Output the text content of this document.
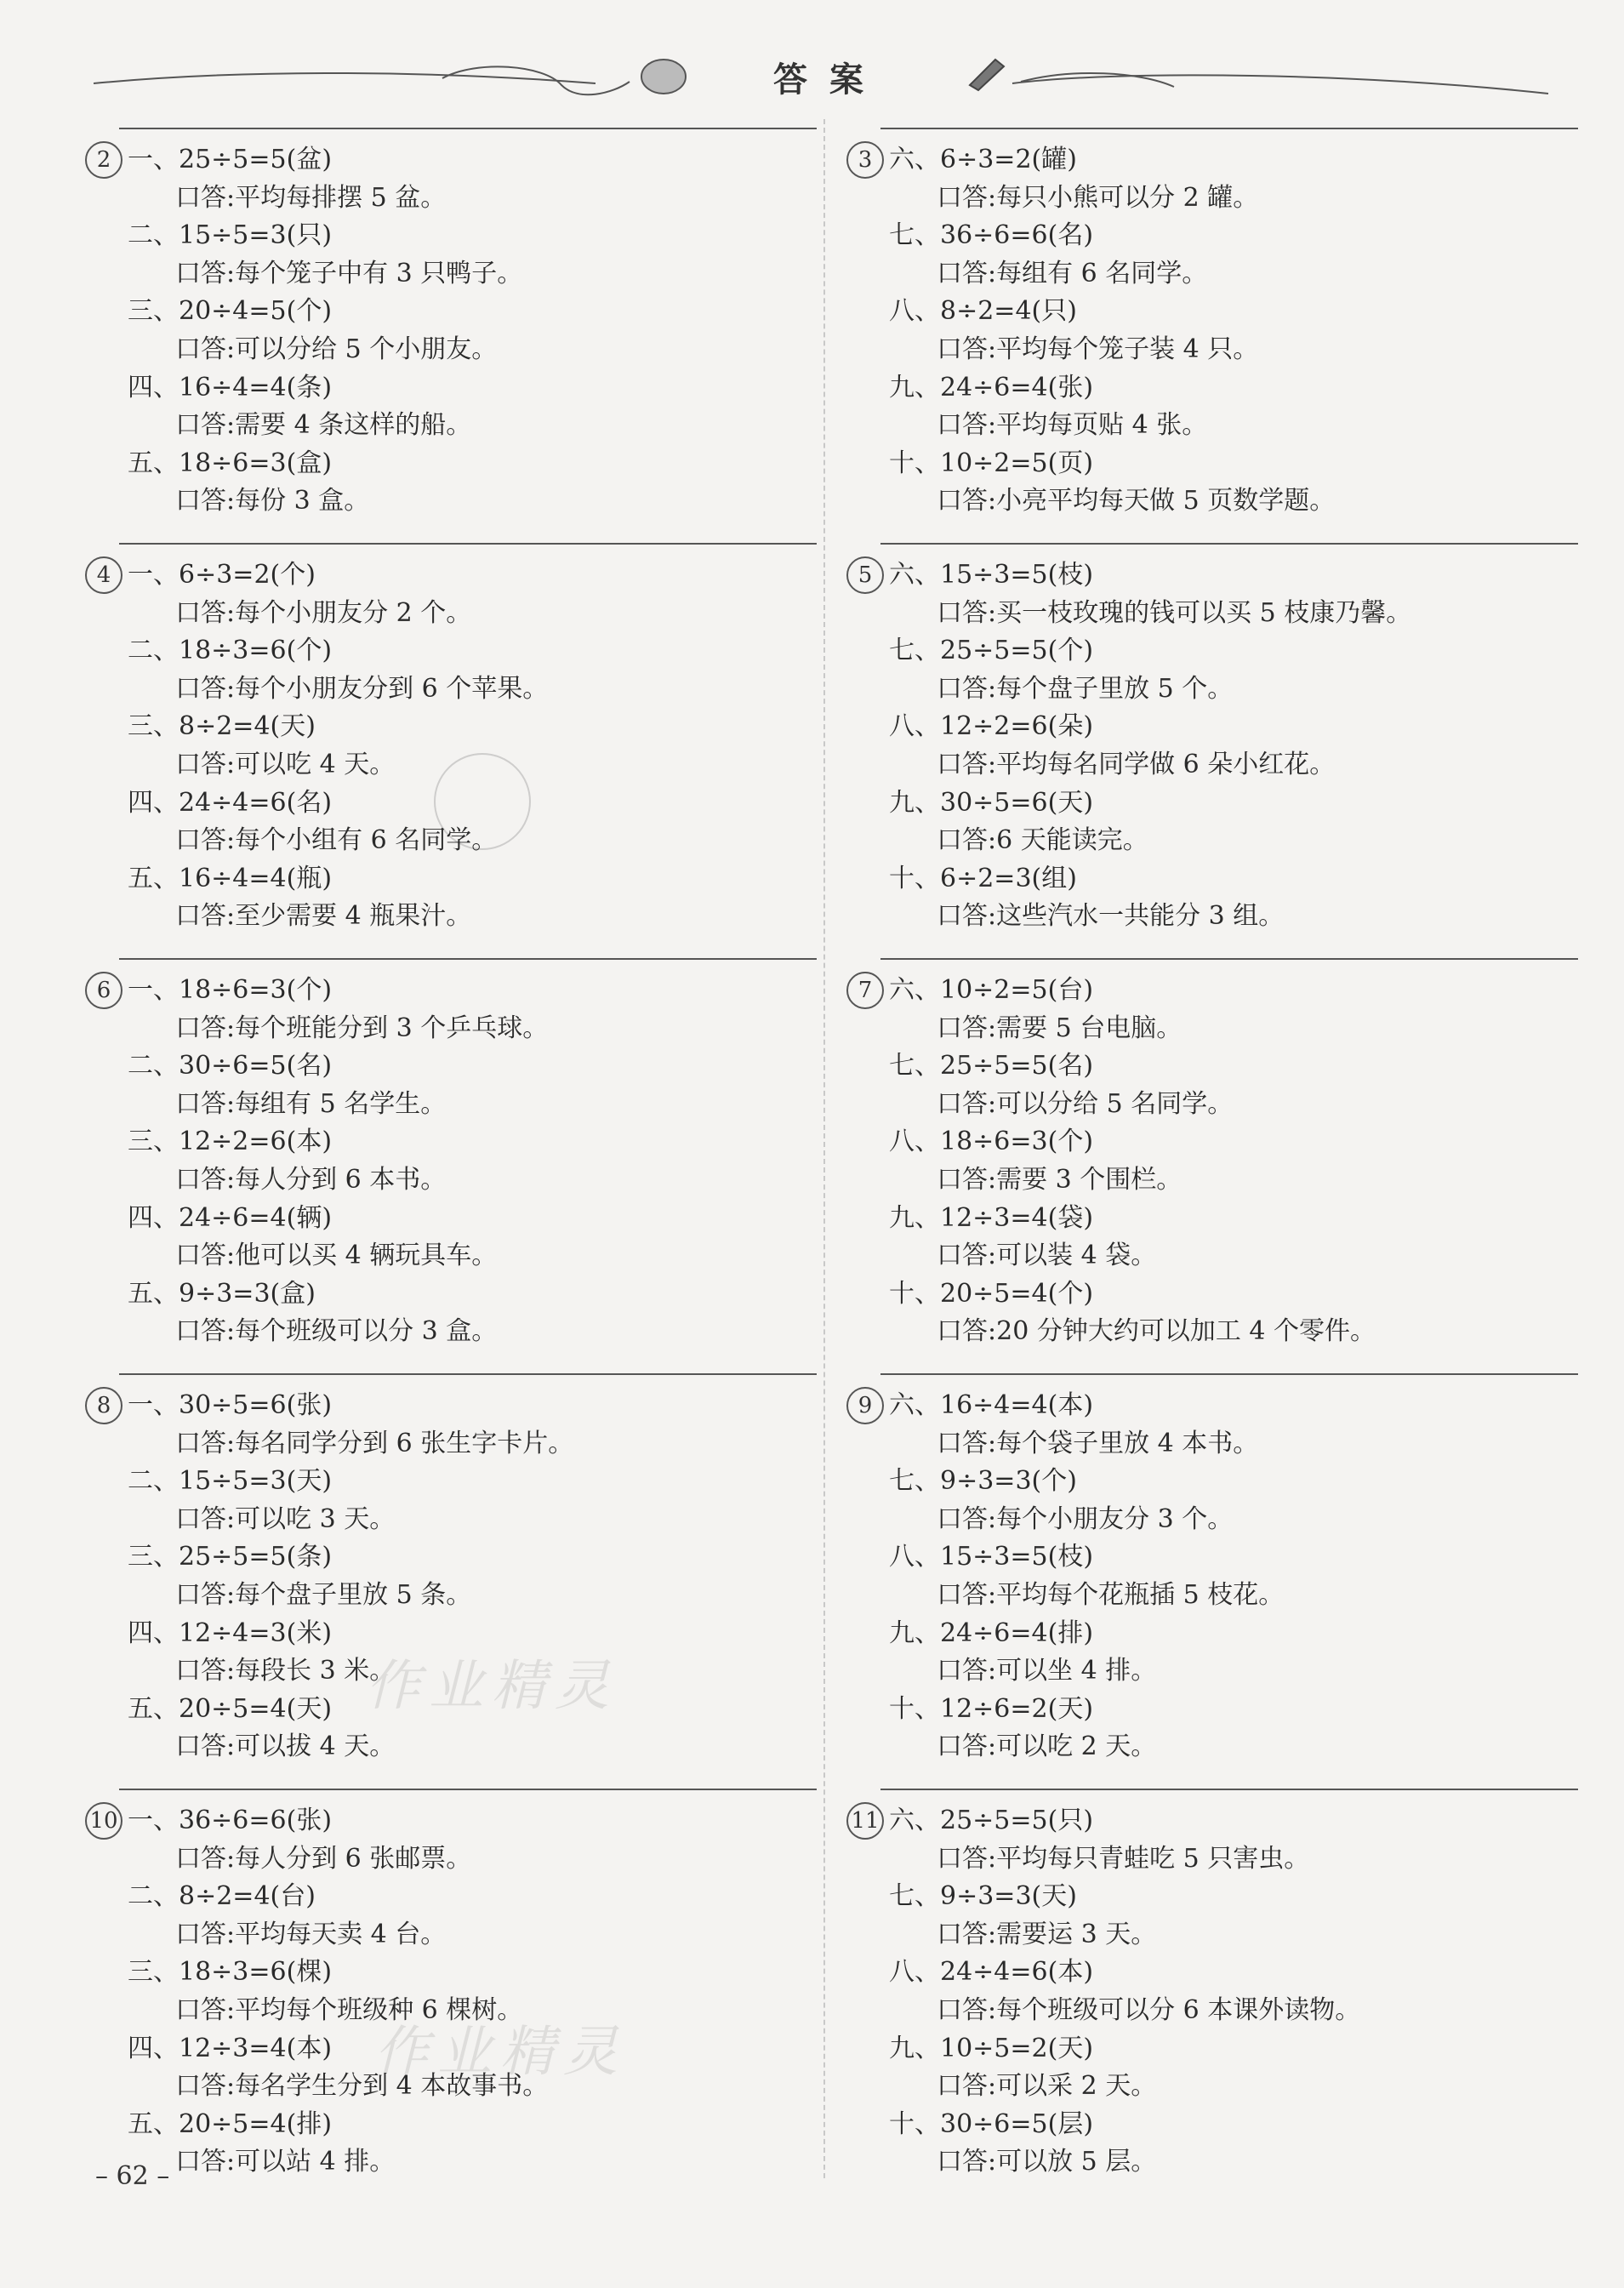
答案
作业精灵
作业精灵
2 一、25÷5=5(盆)
口答:平均每排摆 5 盆。
二、15÷5=3(只)
口答:每个笼子中有 3 只鸭子。
三、20÷4=5(个)
口答:可以分给 5 个小朋友。
四、16÷4=4(条)
口答:需要 4 条这样的船。
五、18÷6=3(盒)
口答:每份 3 盒。
3 六、6÷3=2(罐)
口答:每只小熊可以分 2 罐。
七、36÷6=6(名)
口答:每组有 6 名同学。
八、8÷2=4(只)
口答:平均每个笼子装 4 只。
九、24÷6=4(张)
口答:平均每页贴 4 张。
十、10÷2=5(页)
口答:小亮平均每天做 5 页数学题。
4 一、6÷3=2(个)
口答:每个小朋友分 2 个。
二、18÷3=6(个)
口答:每个小朋友分到 6 个苹果。
三、8÷2=4(天)
口答:可以吃 4 天。
四、24÷4=6(名)
口答:每个小组有 6 名同学。
五、16÷4=4(瓶)
口答:至少需要 4 瓶果汁。
5 六、15÷3=5(枝)
口答:买一枝玫瑰的钱可以买 5 枝康乃馨。
七、25÷5=5(个)
口答:每个盘子里放 5 个。
八、12÷2=6(朵)
口答:平均每名同学做 6 朵小红花。
九、30÷5=6(天)
口答:6 天能读完。
十、6÷2=3(组)
口答:这些汽水一共能分 3 组。
6 一、18÷6=3(个)
口答:每个班能分到 3 个乒乓球。
二、30÷6=5(名)
口答:每组有 5 名学生。
三、12÷2=6(本)
口答:每人分到 6 本书。
四、24÷6=4(辆)
口答:他可以买 4 辆玩具车。
五、9÷3=3(盒)
口答:每个班级可以分 3 盒。
7 六、10÷2=5(台)
口答:需要 5 台电脑。
七、25÷5=5(名)
口答:可以分给 5 名同学。
八、18÷6=3(个)
口答:需要 3 个围栏。
九、12÷3=4(袋)
口答:可以装 4 袋。
十、20÷5=4(个)
口答:20 分钟大约可以加工 4 个零件。
8 一、30÷5=6(张)
口答:每名同学分到 6 张生字卡片。
二、15÷5=3(天)
口答:可以吃 3 天。
三、25÷5=5(条)
口答:每个盘子里放 5 条。
四、12÷4=3(米)
口答:每段长 3 米。
五、20÷5=4(天)
口答:可以拔 4 天。
9 六、16÷4=4(本)
口答:每个袋子里放 4 本书。
七、9÷3=3(个)
口答:每个小朋友分 3 个。
八、15÷3=5(枝)
口答:平均每个花瓶插 5 枝花。
九、24÷6=4(排)
口答:可以坐 4 排。
十、12÷6=2(天)
口答:可以吃 2 天。
10 一、36÷6=6(张)
口答:每人分到 6 张邮票。
二、8÷2=4(台)
口答:平均每天卖 4 台。
三、18÷3=6(棵)
口答:平均每个班级种 6 棵树。
四、12÷3=4(本)
口答:每名学生分到 4 本故事书。
五、20÷5=4(排)
口答:可以站 4 排。
11 六、25÷5=5(只)
口答:平均每只青蛙吃 5 只害虫。
七、9÷3=3(天)
口答:需要运 3 天。
八、24÷4=6(本)
口答:每个班级可以分 6 本课外读物。
九、10÷5=2(天)
口答:可以采 2 天。
十、30÷6=5(层)
口答:可以放 5 层。
– 62 –
